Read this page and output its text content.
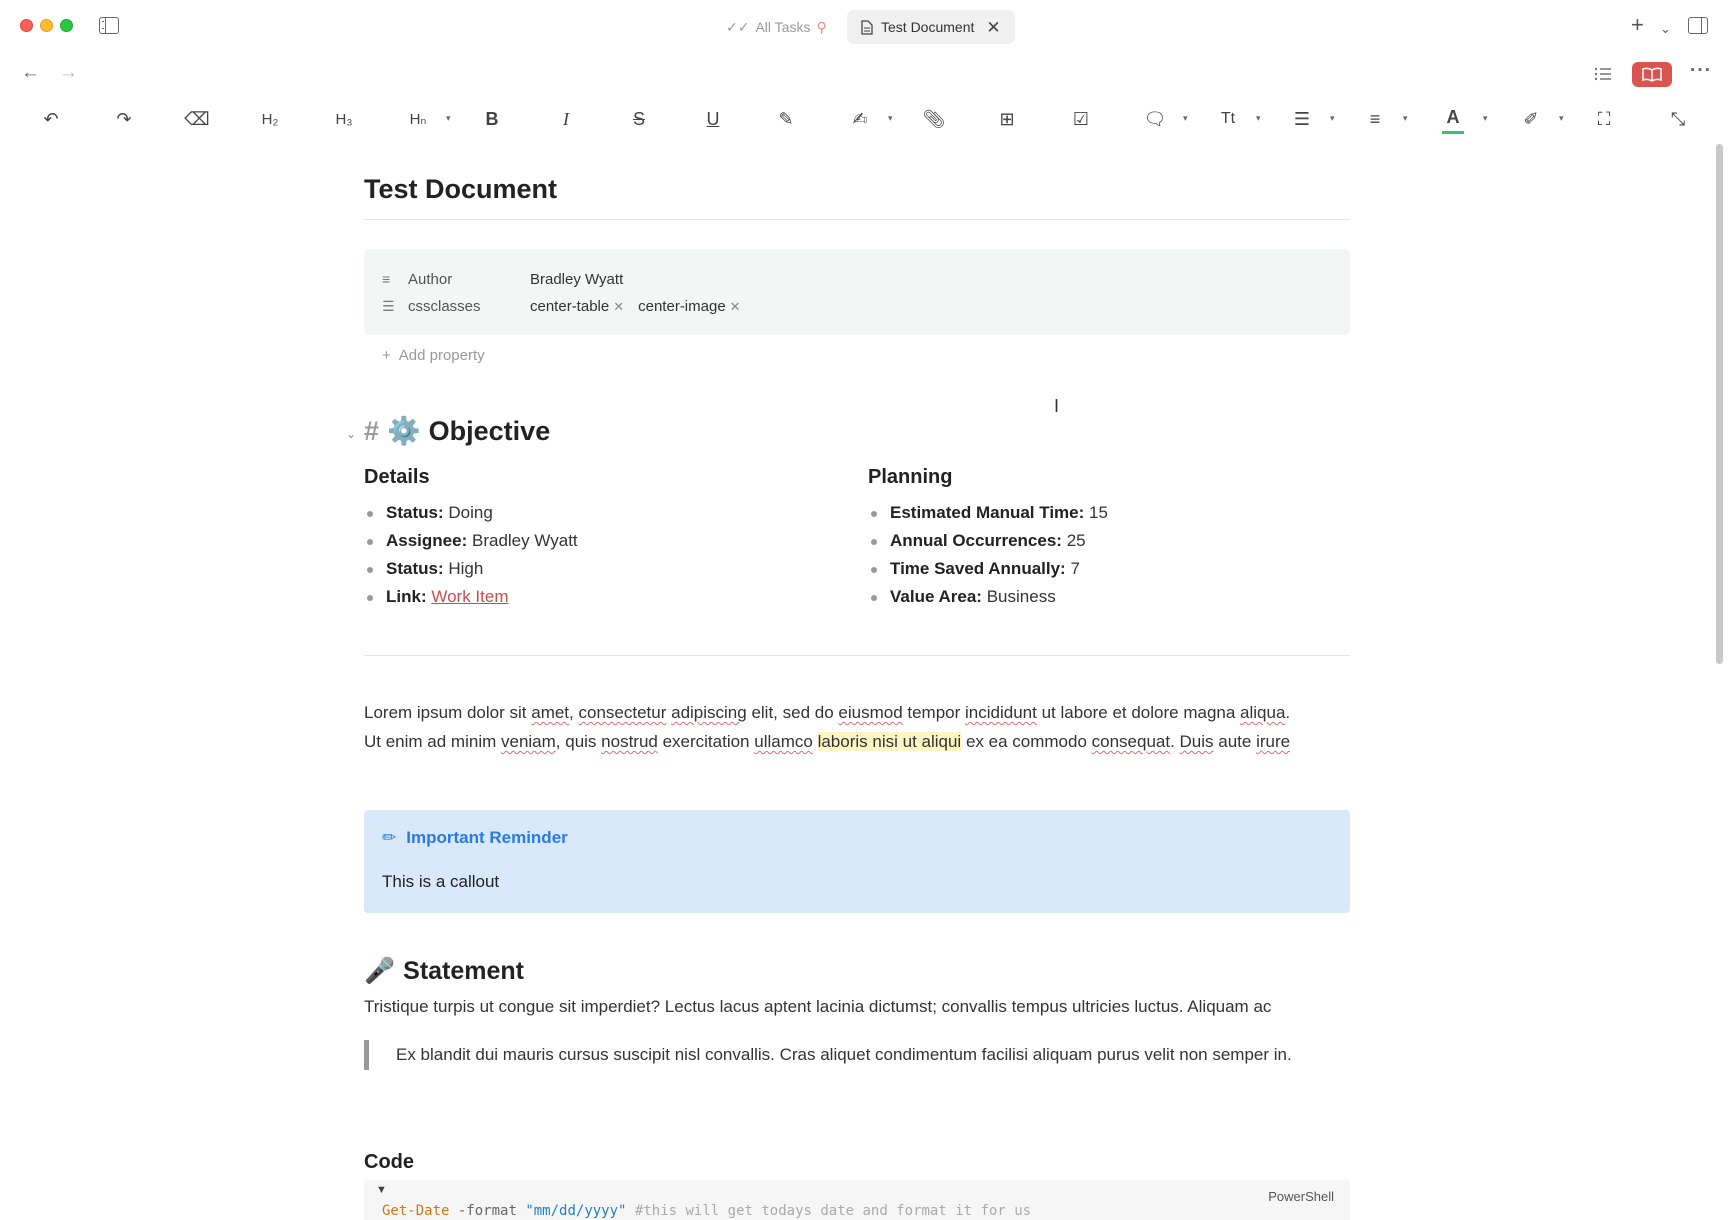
✓✓ All Tasks ⚲	Test Document ✕	+ ⌄
← →	···
↶	↷	⌫	H₂	H₃	Hₙ ▾ B	I	S	U	✎	✍	▾ 📎︎	⊞	☑	🗨︎ ▾ Tt	▾ ☰	▾	≡	▾ A	▾ ✐	▾ ⛶	⤡
Test Document
≡	Author	Bradley Wyatt
☰ cssclasses	center-table ✕ center-image ✕
+ Add property
⌄ # ⚙️ Objective
Details
Status: Doing
Assignee: Bradley Wyatt
Status: High
Link: Work Item
Planning
Estimated Manual Time: 15
Annual Occurrences: 25
Time Saved Annually: 7
Value Area: Business
Lorem ipsum dolor sit amet, consectetur adipiscing elit, sed do eiusmod tempor incididunt ut labore et dolore magna aliqua.
Ut enim ad minim veniam, quis nostrud exercitation ullamco laboris nisi ut aliqui ex ea commodo consequat. Duis aute irure
✏︎ Important Reminder
This is a callout
🎤 Statement
Tristique turpis ut congue sit imperdiet? Lectus lacus aptent lacinia dictumst; convallis tempus ultricies luctus. Aliquam ac
Ex blandit dui mauris cursus suscipit nisl convallis. Cras aliquet condimentum facilisi aliquam purus velit non semper in.
Code
▼	PowerShell
Get-Date -format "mm/dd/yyyy" #this will get todays date and format it for us
I
